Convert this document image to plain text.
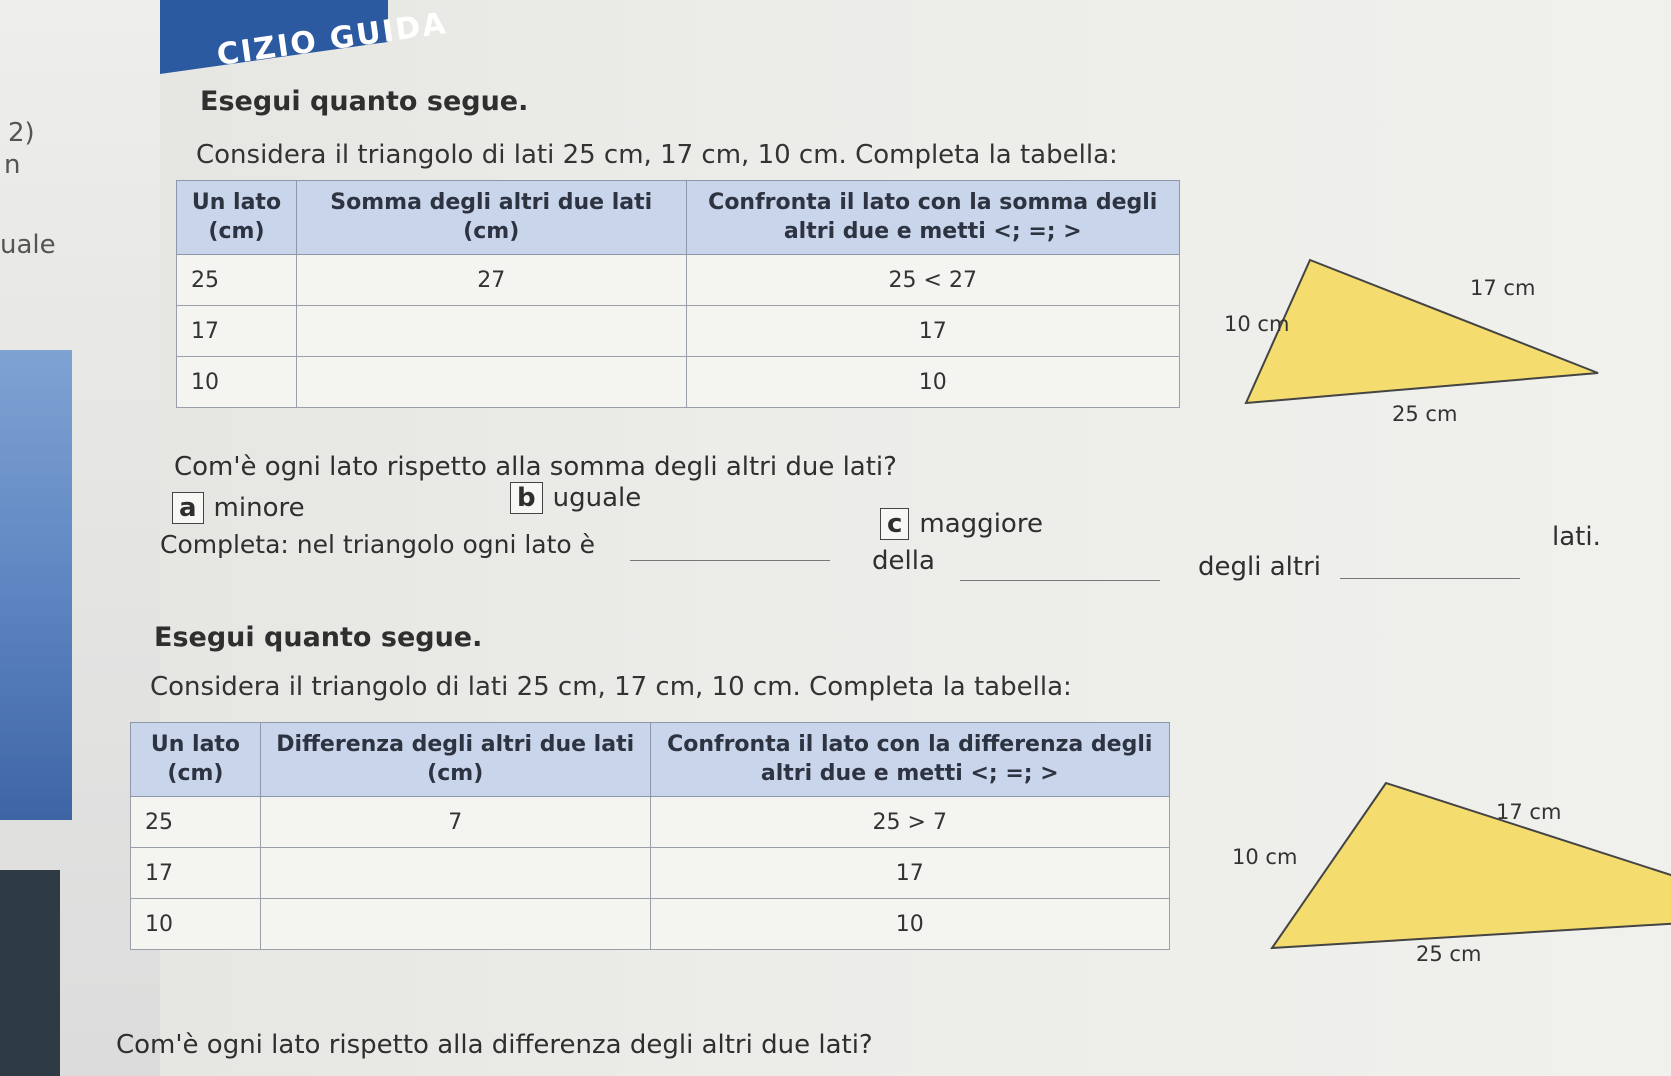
2)
n
uale
CIZIO GUIDA
Esegui quanto segue.
Considera il triangolo di lati 25 cm, 17 cm, 10 cm. Completa la tabella:
Un lato (cm)	Somma degli altri due lati (cm)	Confronta il lato con la somma degli altri due e metti <; =; >
25	27	25 < 27
17		17
10		10
Com'è ogni lato rispetto alla somma degli altri due lati?
a minore	b uguale
c maggiore
Completa: nel triangolo ogni lato è
della	degli altri
lati.
10 cm
17 cm
25 cm
Esegui quanto segue.
Considera il triangolo di lati 25 cm, 17 cm, 10 cm. Completa la tabella:
Un lato (cm)	Differenza degli altri due lati (cm)	Confronta il lato con la differenza degli altri due e metti <; =; >
25	7	25 > 7
17		17
10		10
10 cm
17 cm
25 cm
Com'è ogni lato rispetto alla differenza degli altri due lati?
